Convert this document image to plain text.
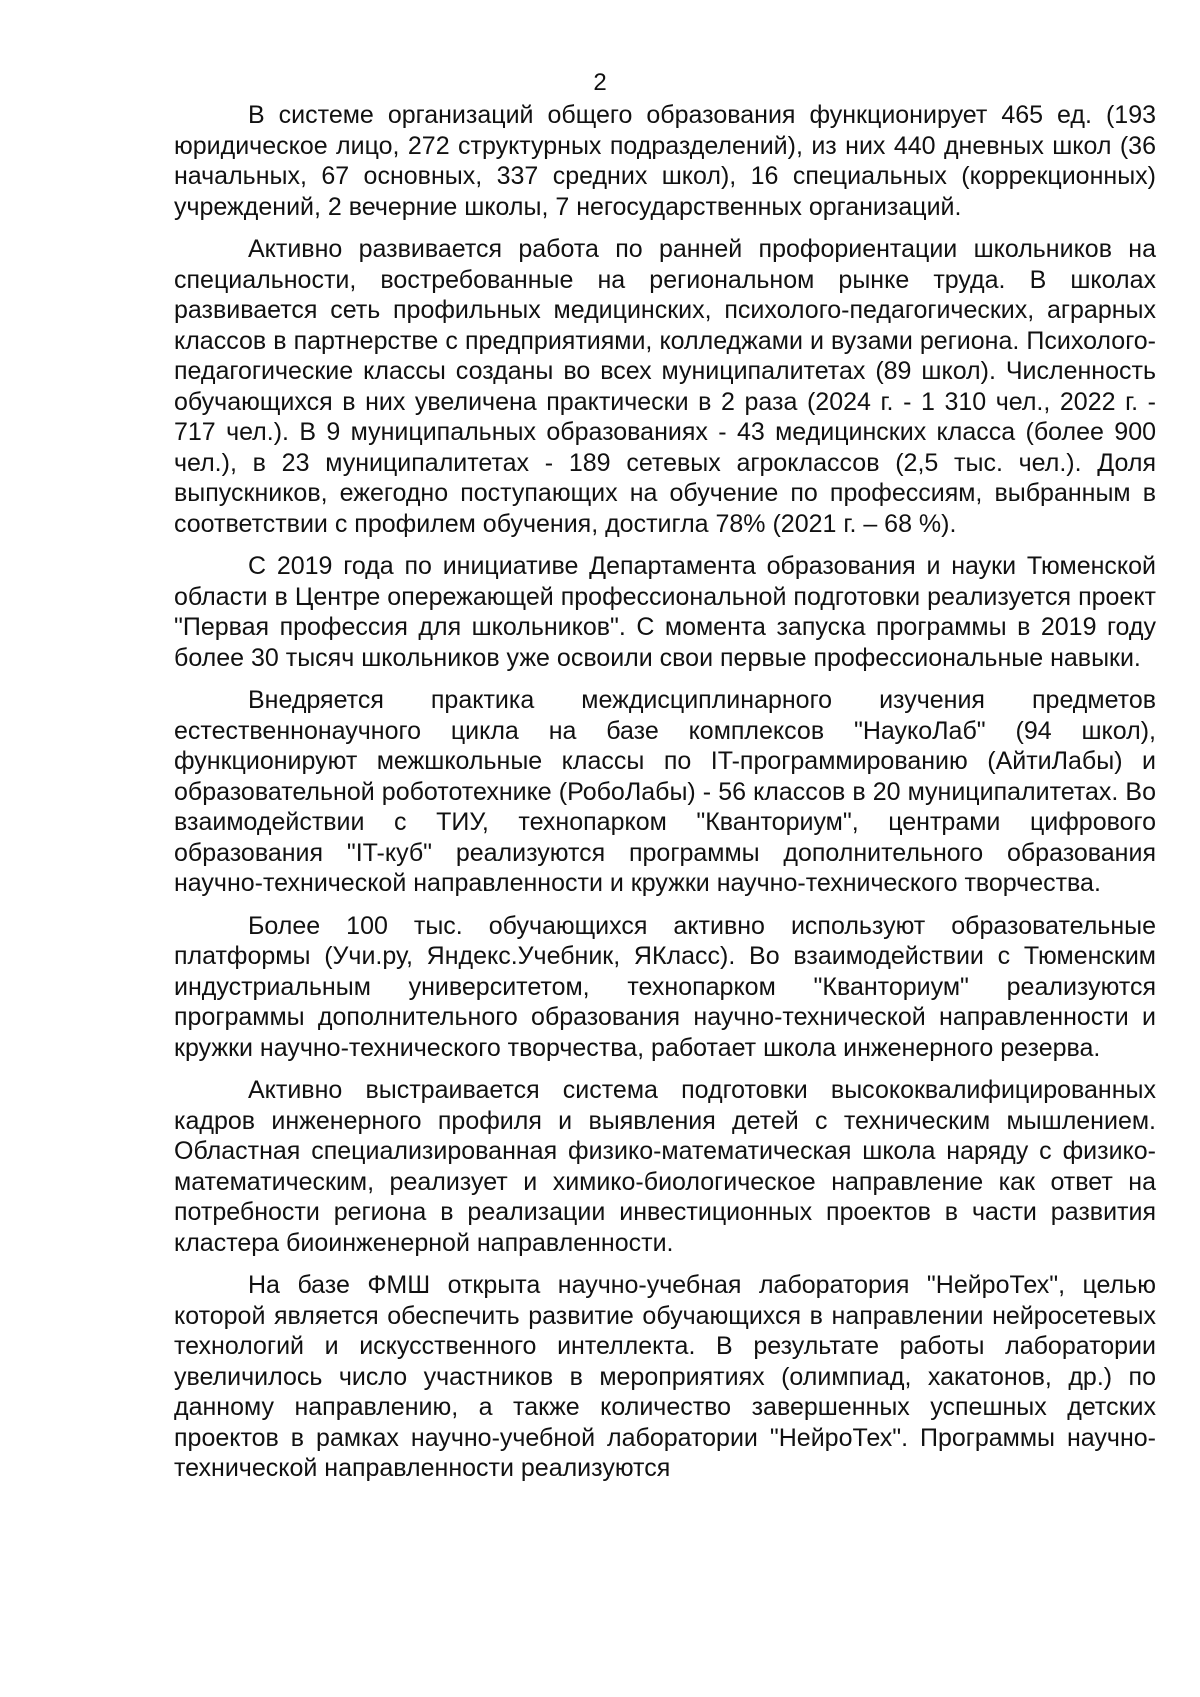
2

В системе организаций общего образования функционирует 465 ед. (193 юридическое лицо, 272 структурных подразделений), из них 440 дневных школ (36 начальных, 67 основных, 337 средних школ), 16 специальных (коррекционных) учреждений, 2 вечерние школы, 7 негосударственных организаций.

Активно развивается работа по ранней профориентации школьников на специальности, востребованные на региональном рынке труда. В школах развивается сеть профильных медицинских, психолого-педагогических, аграрных классов в партнерстве с предприятиями, колледжами и вузами региона. Психолого-педагогические классы созданы во всех муниципалитетах (89 школ). Численность обучающихся в них увеличена практически в 2 раза (2024 г. - 1 310 чел., 2022 г. - 717 чел.). В 9 муниципальных образованиях - 43 медицинских класса (более 900 чел.), в 23 муниципалитетах - 189 сетевых агроклассов (2,5 тыс. чел.). Доля выпускников, ежегодно поступающих на обучение по профессиям, выбранным в соответствии с профилем обучения, достигла 78% (2021 г. – 68 %).

С 2019 года по инициативе Департамента образования и науки Тюменской области в Центре опережающей профессиональной подготовки реализуется проект "Первая профессия для школьников". С момента запуска программы в 2019 году более 30 тысяч школьников уже освоили свои первые профессиональные навыки.

Внедряется практика междисциплинарного изучения предметов естественнонаучного цикла на базе комплексов "НаукоЛаб" (94 школ), функционируют межшкольные классы по IT-программированию (АйтиЛабы) и образовательной робототехнике (РобоЛабы) - 56 классов в 20 муниципалитетах. Во взаимодействии с ТИУ, технопарком "Кванториум", центрами цифрового образования "IT-куб" реализуются программы дополнительного образования научно-технической направленности и кружки научно-технического творчества.

Более 100 тыс. обучающихся активно используют образовательные платформы (Учи.ру, Яндекс.Учебник, ЯКласс). Во взаимодействии с Тюменским индустриальным университетом, технопарком "Кванториум" реализуются программы дополнительного образования научно-технической направленности и кружки научно-технического творчества, работает школа инженерного резерва.

Активно выстраивается система подготовки высококвалифицированных кадров инженерного профиля и выявления детей с техническим мышлением. Областная специализированная физико-математическая школа наряду с физико-математическим, реализует и химико-биологическое направление как ответ на потребности региона в реализации инвестиционных проектов в части развития кластера биоинженерной направленности.

На базе ФМШ открыта научно-учебная лаборатория "НейроТех", целью которой является обеспечить развитие обучающихся в направлении нейросетевых технологий и искусственного интеллекта. В результате работы лаборатории увеличилось число участников в мероприятиях (олимпиад, хакатонов, др.) по данному направлению, а также количество завершенных успешных детских проектов в рамках научно-учебной лаборатории "НейроТех". Программы научно-технической направленности реализуются
